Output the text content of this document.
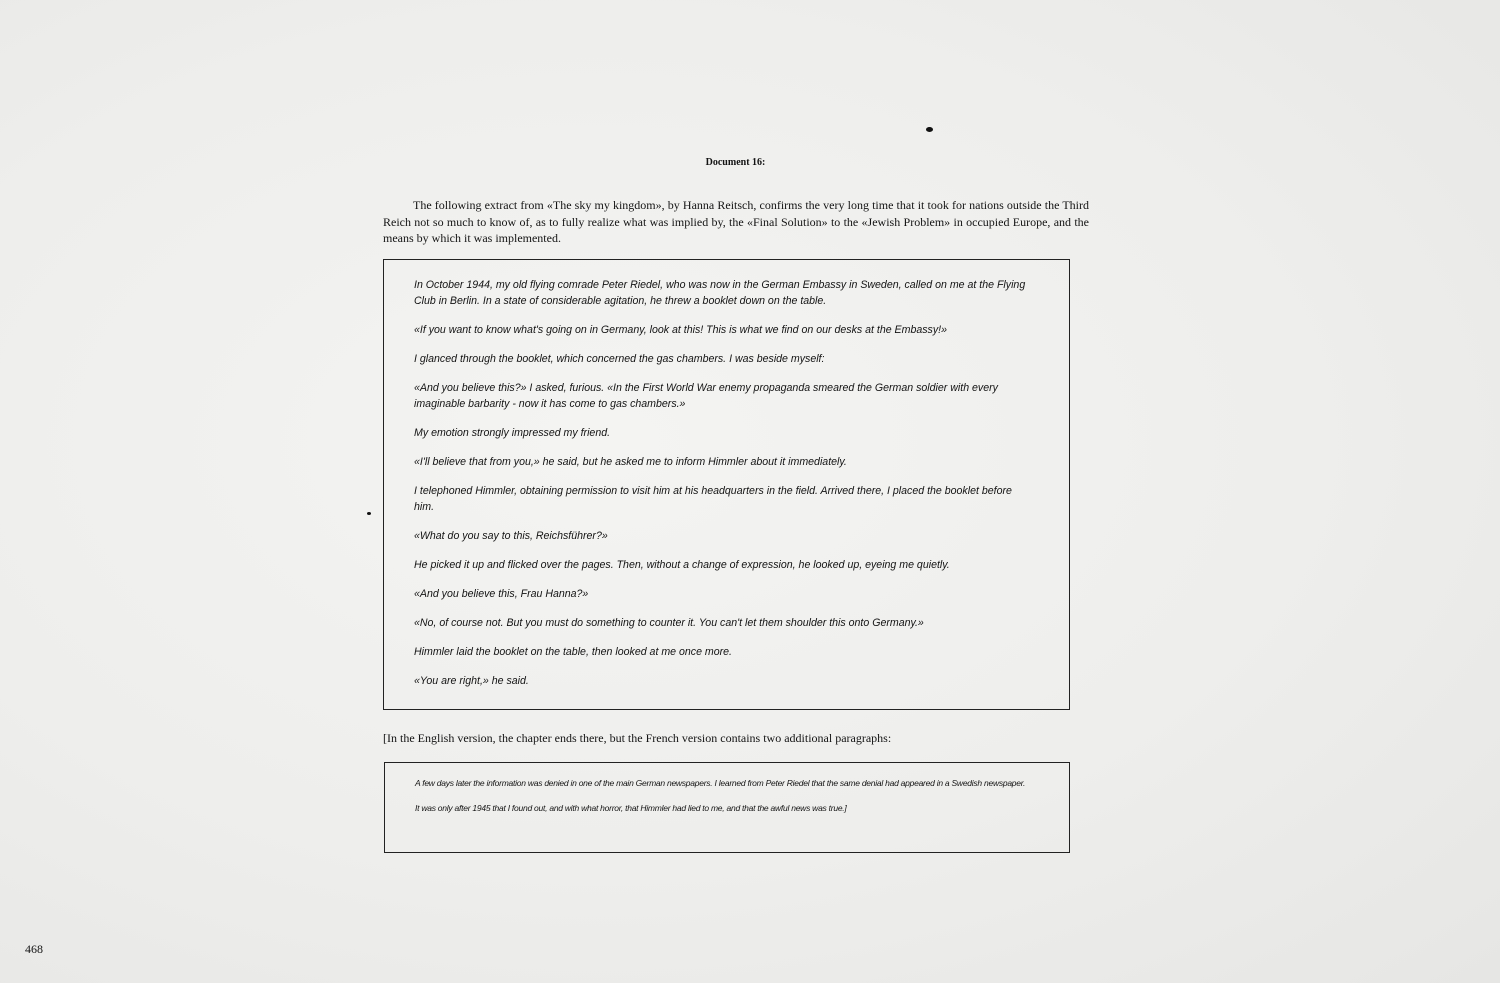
Document 16:

The following extract from «The sky my kingdom», by Hanna Reitsch, confirms the very long time that it took for nations outside the Third Reich not so much to know of, as to fully realize what was implied by, the «Final Solution» to the «Jewish Problem» in occupied Europe, and the means by which it was implemented.

In October 1944, my old flying comrade Peter Riedel, who was now in the German Embassy in Sweden, called on me at the Flying Club in Berlin. In a state of considerable agitation, he threw a booklet down on the table.

«If you want to know what's going on in Germany, look at this! This is what we find on our desks at the Embassy!»

I glanced through the booklet, which concerned the gas chambers. I was beside myself:

«And you believe this?» I asked, furious. «In the First World War enemy propaganda smeared the German soldier with every imaginable barbarity - now it has come to gas chambers.»

My emotion strongly impressed my friend.

«I'll believe that from you,» he said, but he asked me to inform Himmler about it immediately.

I telephoned Himmler, obtaining permission to visit him at his headquarters in the field. Arrived there, I placed the booklet before him.

«What do you say to this, Reichsführer?»

He picked it up and flicked over the pages. Then, without a change of expression, he looked up, eyeing me quietly.

«And you believe this, Frau Hanna?»

«No, of course not. But you must do something to counter it. You can't let them shoulder this onto Germany.»

Himmler laid the booklet on the table, then looked at me once more.

«You are right,» he said.

[In the English version, the chapter ends there, but the French version contains two additional paragraphs:

A few days later the information was denied in one of the main German newspapers. I learned from Peter Riedel that the same denial had appeared in a Swedish newspaper.

It was only after 1945 that I found out, and with what horror, that Himmler had lied to me, and that the awful news was true.]

468
